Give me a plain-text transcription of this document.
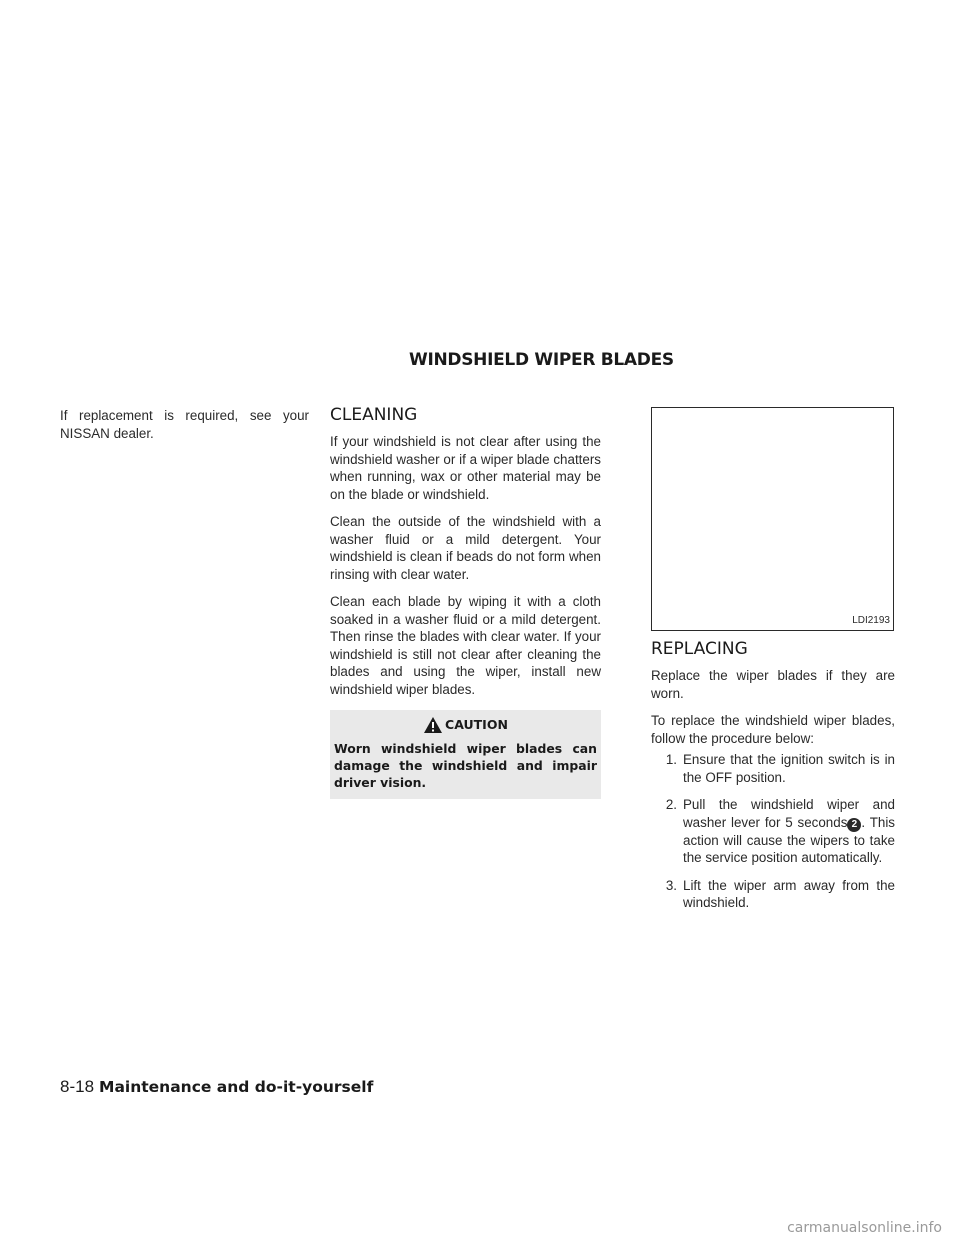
WINDSHIELD WIPER BLADES

If replacement is required, see your NISSAN dealer.

CLEANING

If your windshield is not clear after using the windshield washer or if a wiper blade chatters when running, wax or other material may be on the blade or windshield.

Clean the outside of the windshield with a washer fluid or a mild detergent. Your windshield is clean if beads do not form when rinsing with clear water.

Clean each blade by wiping it with a cloth soaked in a washer fluid or a mild detergent. Then rinse the blades with clear water. If your windshield is still not clear after cleaning the blades and using the wiper, install new windshield wiper blades.

CAUTION
Worn windshield wiper blades can damage the windshield and impair driver vision.
LDI2193
REPLACING

Replace the wiper blades if they are worn.

To replace the windshield wiper blades, follow the procedure below:

1. Ensure that the ignition switch is in the OFF position.
2. Pull the windshield wiper and washer lever for 5 seconds 2 . This action will cause the wipers to take the service position automatically.
3. Lift the wiper arm away from the windshield.
8-18 Maintenance and do-it-yourself
carmanualsonline.info
